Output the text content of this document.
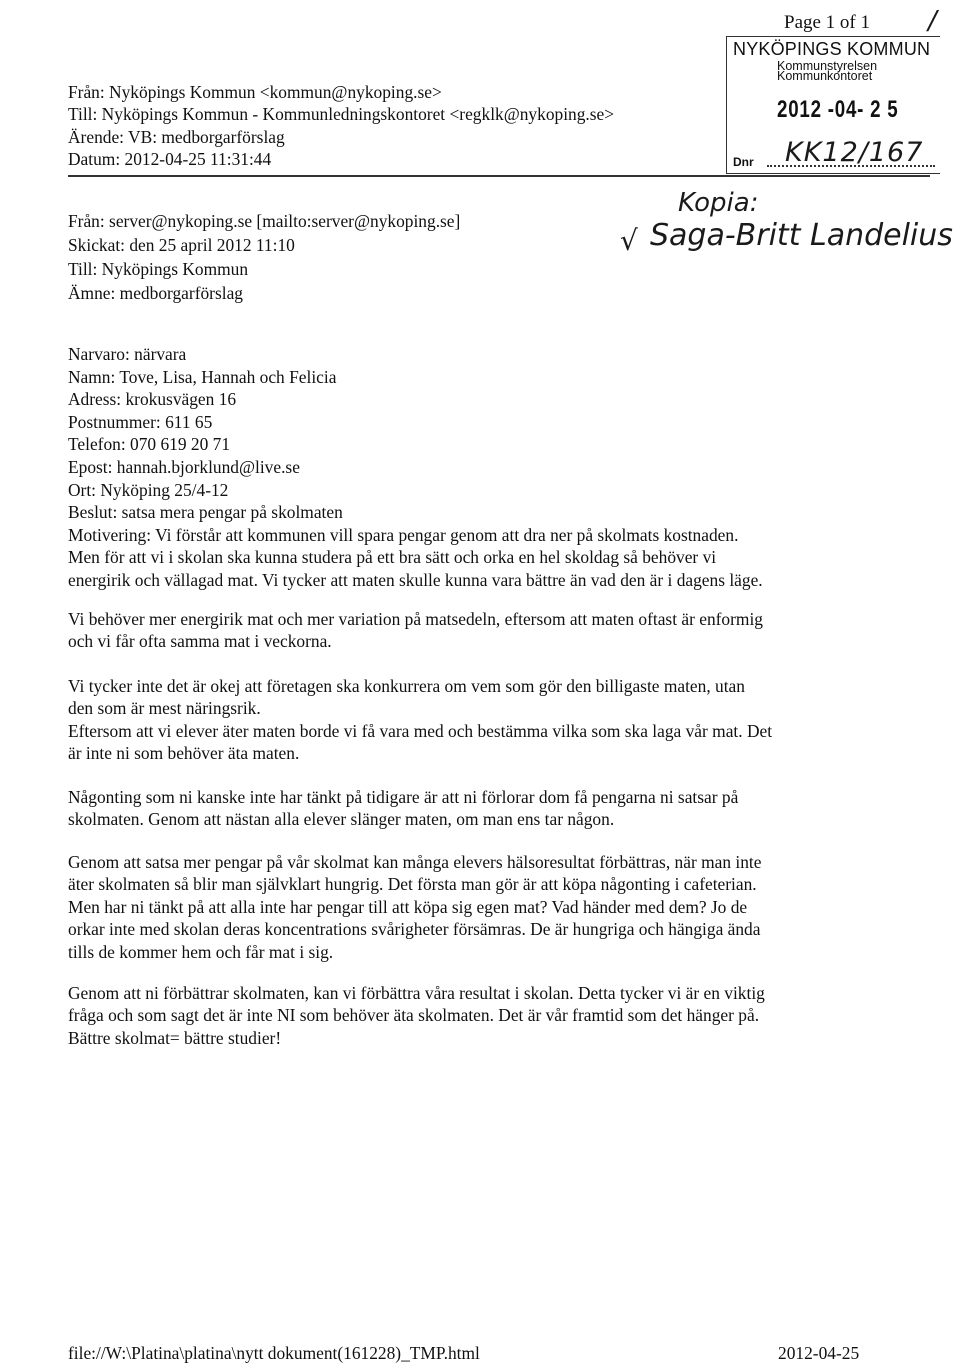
Page 1 of 1 /
NYKÖPINGS KOMMUN
Kommunstyrelsen
Kommunkontoret
2012 -04- 2 5
Dnr KK12/167
Från: Nyköpings Kommun <kommun@nykoping.se>
Till: Nyköpings Kommun - Kommunledningskontoret <regklk@nykoping.se>
Ärende: VB: medborgarförslag
Datum: 2012-04-25 11:31:44
Kopia:
√ Saga-Britt Landelius
Från: server@nykoping.se [mailto:server@nykoping.se]
Skickat: den 25 april 2012 11:10
Till: Nyköpings Kommun
Ämne: medborgarförslag
Narvaro: närvara
Namn: Tove, Lisa, Hannah och Felicia
Adress: krokusvägen 16
Postnummer: 611 65
Telefon: 070 619 20 71
Epost: hannah.bjorklund@live.se
Ort: Nyköping 25/4-12
Beslut: satsa mera pengar på skolmaten
Motivering: Vi förstår att kommunen vill spara pengar genom att dra ner på skolmats kostnaden.
Men för att vi i skolan ska kunna studera på ett bra sätt och orka en hel skoldag så behöver vi
energirik och vällagad mat. Vi tycker att maten skulle kunna vara bättre än vad den är i dagens läge.
Vi behöver mer energirik mat och mer variation på matsedeln, eftersom att maten oftast är enformig
och vi får ofta samma mat i veckorna.
Vi tycker inte det är okej att företagen ska konkurrera om vem som gör den billigaste maten, utan
den som är mest näringsrik.
Eftersom att vi elever äter maten borde vi få vara med och bestämma vilka som ska laga vår mat. Det
är inte ni som behöver äta maten.
Någonting som ni kanske inte har tänkt på tidigare är att ni förlorar dom få pengarna ni satsar på
skolmaten. Genom att nästan alla elever slänger maten, om man ens tar någon.
Genom att satsa mer pengar på vår skolmat kan många elevers hälsoresultat förbättras, när man inte
äter skolmaten så blir man självklart hungrig. Det första man gör är att köpa någonting i cafeterian.
Men har ni tänkt på att alla inte har pengar till att köpa sig egen mat? Vad händer med dem? Jo de
orkar inte med skolan deras koncentrations svårigheter försämras. De är hungriga och hängiga ända
tills de kommer hem och får mat i sig.
Genom att ni förbättrar skolmaten, kan vi förbättra våra resultat i skolan. Detta tycker vi är en viktig
fråga och som sagt det är inte NI som behöver äta skolmaten. Det är vår framtid som det hänger på.
Bättre skolmat= bättre studier!
file://W:\Platina\platina\nytt dokument(161228)_TMP.html	2012-04-25
